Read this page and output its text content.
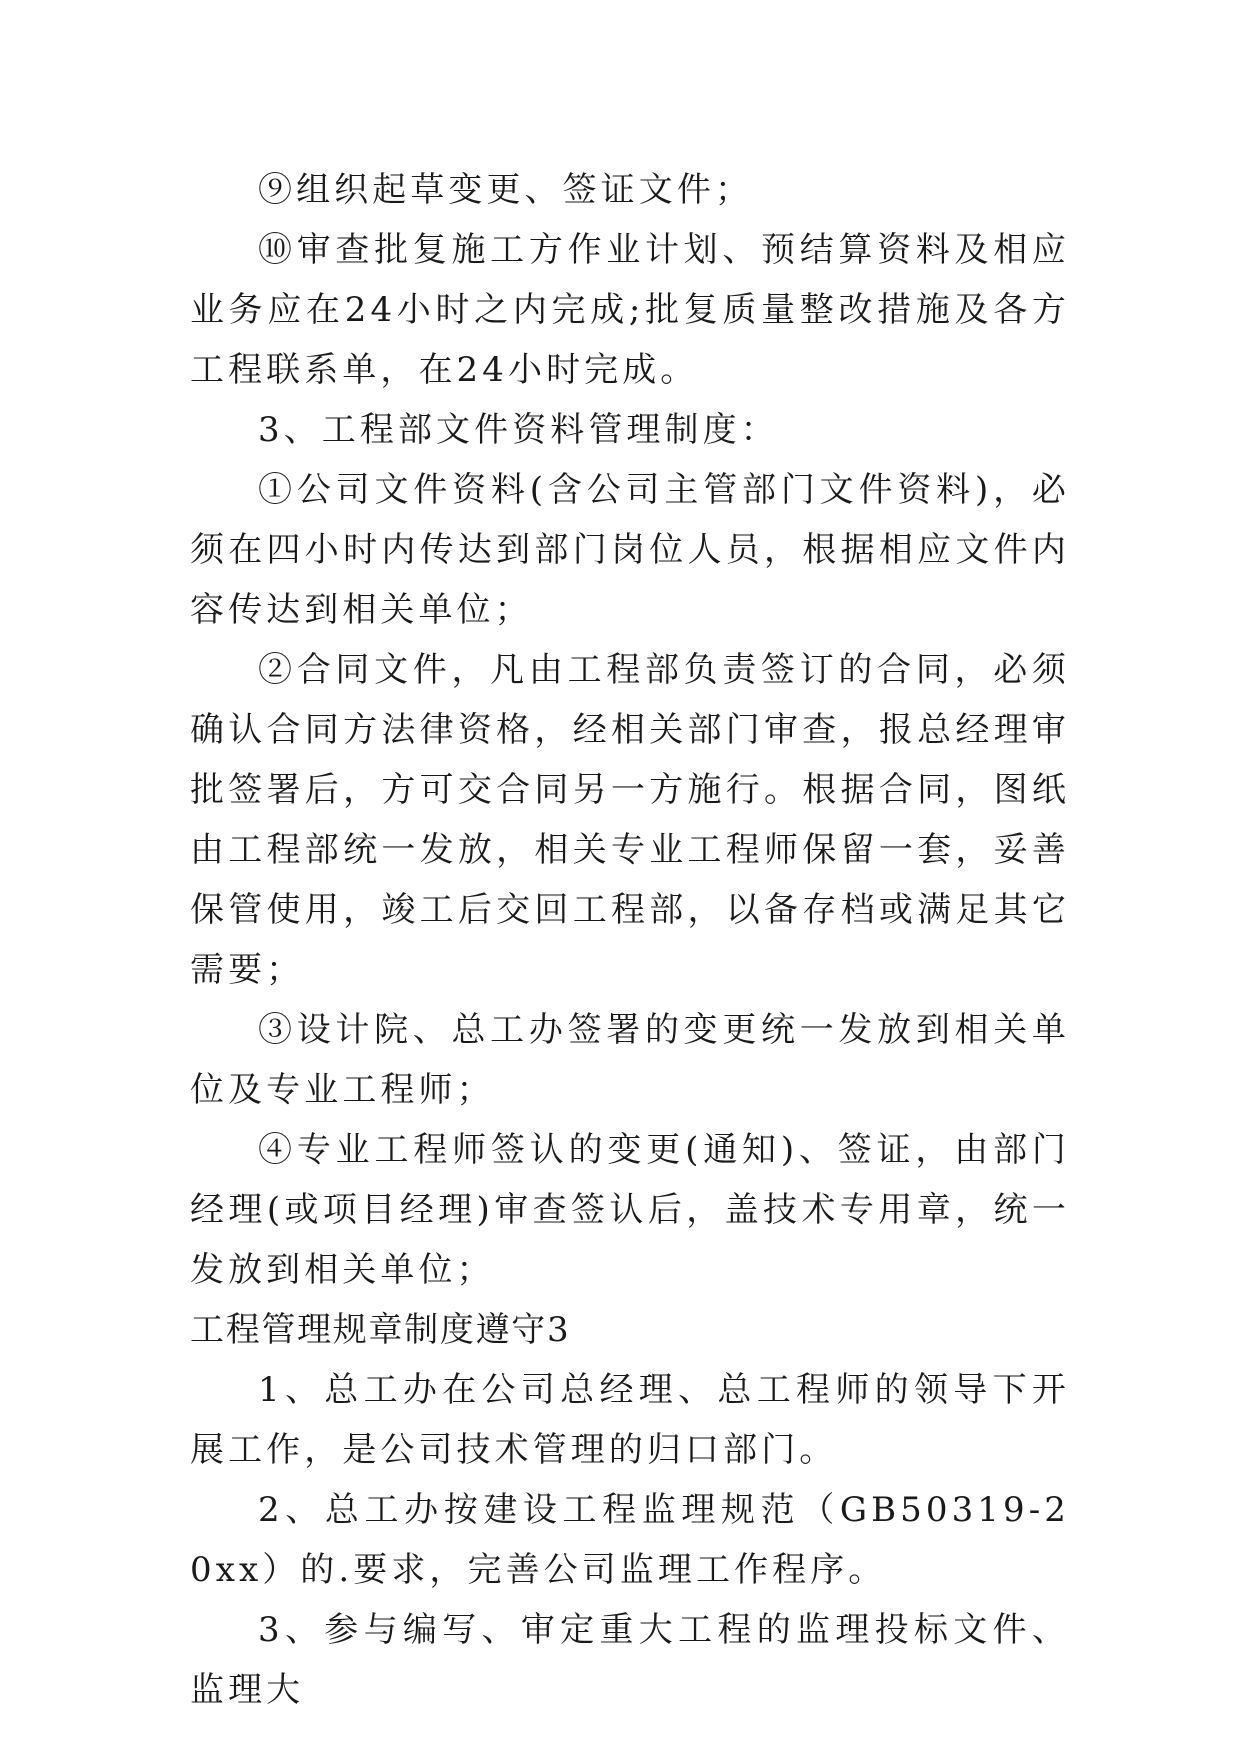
⑨组织起草变更、签证文件；

⑩审查批复施工方作业计划、预结算资料及相应业务应在24小时之内完成;批复质量整改措施及各方工程联系单，在24小时完成。

3、工程部文件资料管理制度：

①公司文件资料(含公司主管部门文件资料)，必须在四小时内传达到部门岗位人员，根据相应文件内容传达到相关单位；

②合同文件，凡由工程部负责签订的合同，必须确认合同方法律资格，经相关部门审查，报总经理审批签署后，方可交合同另一方施行。根据合同，图纸由工程部统一发放，相关专业工程师保留一套，妥善保管使用，竣工后交回工程部，以备存档或满足其它需要；

③设计院、总工办签署的变更统一发放到相关单位及专业工程师；

④专业工程师签认的变更(通知)、签证，由部门经理(或项目经理)审查签认后，盖技术专用章，统一发放到相关单位；

工程管理规章制度遵守3

1、总工办在公司总经理、总工程师的领导下开展工作，是公司技术管理的归口部门。

2、总工办按建设工程监理规范（GB50319-20xx）的.要求，完善公司监理工作程序。

3、参与编写、审定重大工程的监理投标文件、监理大
